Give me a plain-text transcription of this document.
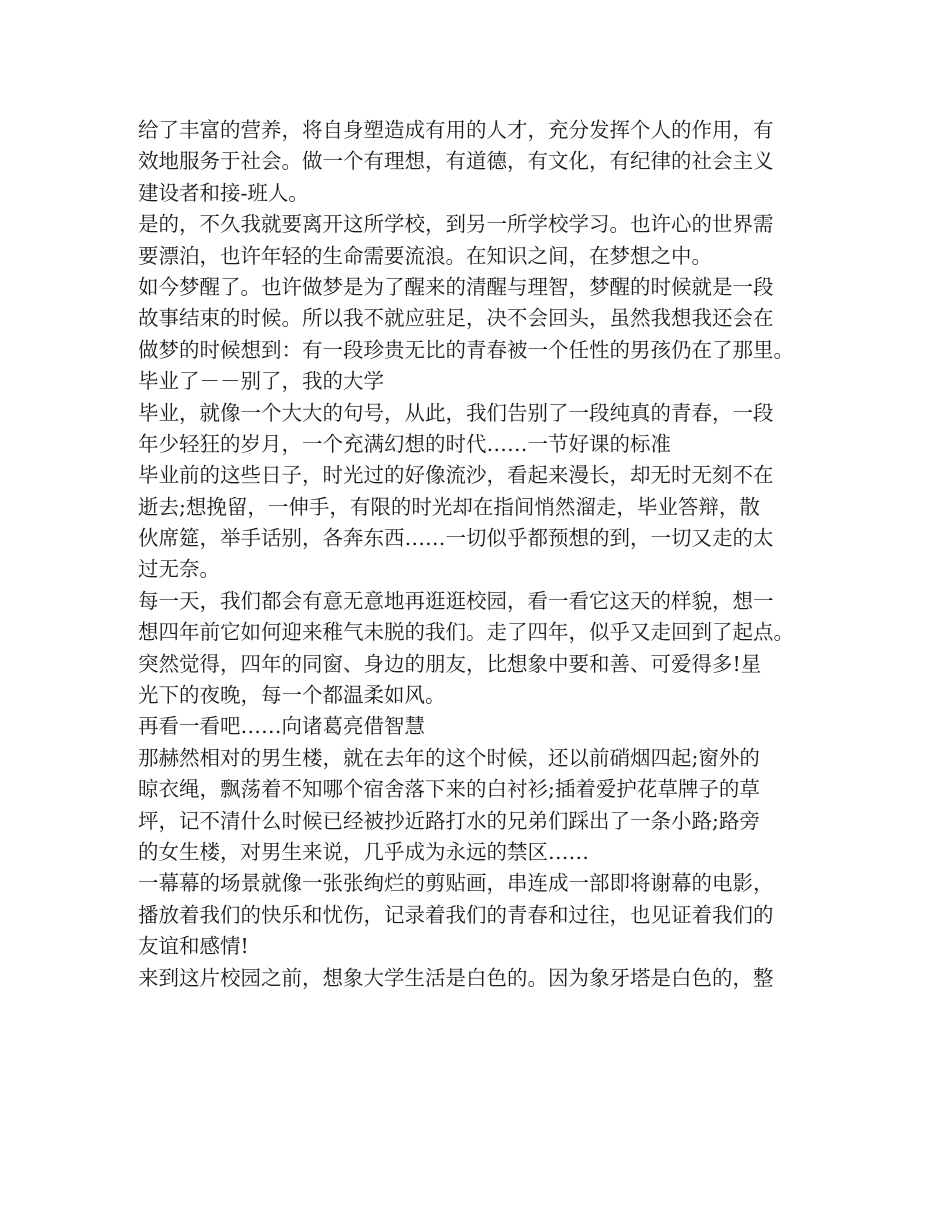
给了丰富的营养，将自身塑造成有用的人才，充分发挥个人的作用，有
效地服务于社会。做一个有理想，有道德，有文化，有纪律的社会主义
建设者和接-班人。
是的，不久我就要离开这所学校，到另一所学校学习。也许心的世界需
要漂泊，也许年轻的生命需要流浪。在知识之间，在梦想之中。
如今梦醒了。也许做梦是为了醒来的清醒与理智，梦醒的时候就是一段
故事结束的时候。所以我不就应驻足，决不会回头，虽然我想我还会在
做梦的时候想到：有一段珍贵无比的青春被一个任性的男孩仍在了那里。
毕业了－－别了，我的大学
毕业，就像一个大大的句号，从此，我们告别了一段纯真的青春，一段
年少轻狂的岁月，一个充满幻想的时代……一节好课的标准
毕业前的这些日子，时光过的好像流沙，看起来漫长，却无时无刻不在
逝去;想挽留，一伸手，有限的时光却在指间悄然溜走，毕业答辩，散
伙席筵，举手话别，各奔东西……一切似乎都预想的到，一切又走的太
过无奈。
每一天，我们都会有意无意地再逛逛校园，看一看它这天的样貌，想一
想四年前它如何迎来稚气未脱的我们。走了四年，似乎又走回到了起点。
突然觉得，四年的同窗、身边的朋友，比想象中要和善、可爱得多!星
光下的夜晚，每一个都温柔如风。
再看一看吧……向诸葛亮借智慧
那赫然相对的男生楼，就在去年的这个时候，还以前硝烟四起;窗外的
晾衣绳，飘荡着不知哪个宿舍落下来的白衬衫;插着爱护花草牌子的草
坪，记不清什么时候已经被抄近路打水的兄弟们踩出了一条小路;路旁
的女生楼，对男生来说，几乎成为永远的禁区……
一幕幕的场景就像一张张绚烂的剪贴画，串连成一部即将谢幕的电影，
播放着我们的快乐和忧伤，记录着我们的青春和过往，也见证着我们的
友谊和感情!
来到这片校园之前，想象大学生活是白色的。因为象牙塔是白色的，整
